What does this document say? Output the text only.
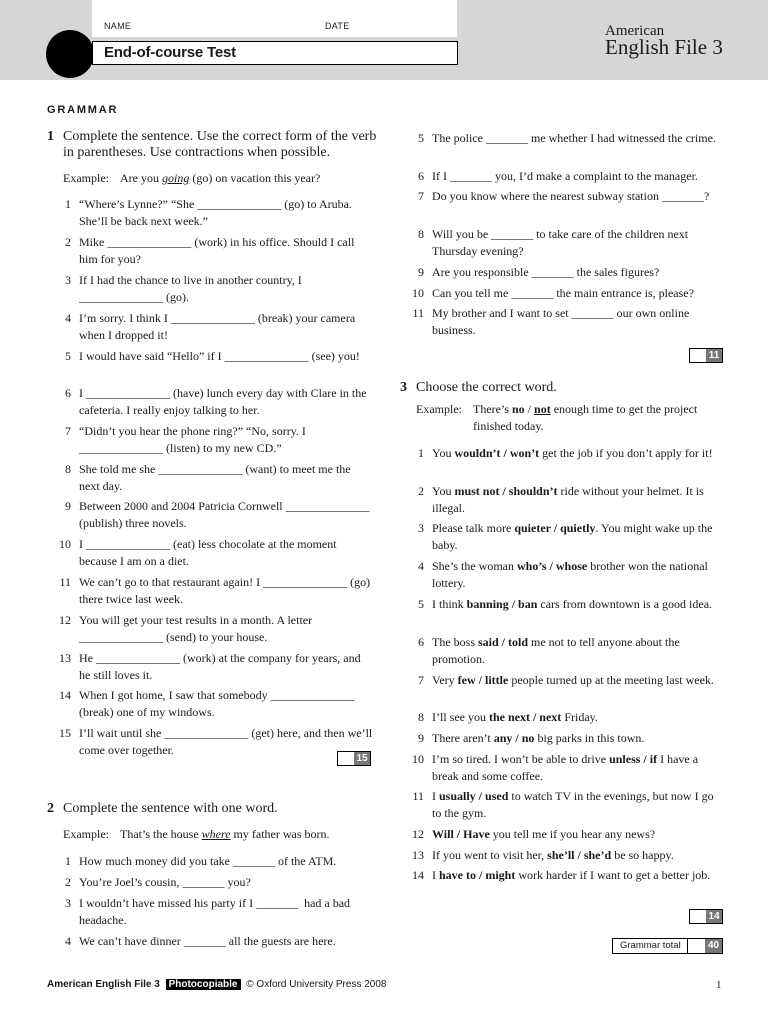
NAME	DATE
End-of-course Test
American
English File 3
GRAMMAR
1 Complete the sentence. Use the correct form of the verb in parentheses. Use contractions when possible.
Example: Are you going (go) on vacation this year?
1 “Where’s Lynne?” “She ______________ (go) to Aruba. She’ll be back next week.”
2 Mike ______________ (work) in his office. Should I call him for you?
3 If I had the chance to live in another country, I ______________ (go).
4 I’m sorry. I think I ______________ (break) your camera when I dropped it!
5 I would have said “Hello” if I ______________ (see) you!
6 I ______________ (have) lunch every day with Clare in the cafeteria. I really enjoy talking to her.
7 “Didn’t you hear the phone ring?” “No, sorry. I ______________ (listen) to my new CD.”
8 She told me she ______________ (want) to meet me the next day.
9 Between 2000 and 2004 Patricia Cornwell ______________ (publish) three novels.
10 I ______________ (eat) less chocolate at the moment because I am on a diet.
11 We can’t go to that restaurant again! I ______________ (go) there twice last week.
12 You will get your test results in a month. A letter ______________ (send) to your house.
13 He ______________ (work) at the company for years, and he still loves it.
14 When I got home, I saw that somebody ______________ (break) one of my windows.
15 I’ll wait until she ______________ (get) here, and then we’ll come over together.
15
2 Complete the sentence with one word.
Example: That’s the house where my father was born.
1 How much money did you take _______ of the ATM.
2 You’re Joel’s cousin, _______ you?
3 I wouldn’t have missed his party if I _______  had a bad headache.
4 We can’t have dinner _______ all the guests are here.
5 The police _______ me whether I had witnessed the crime.
6 If I _______ you, I’d make a complaint to the manager.
7 Do you know where the nearest subway station _______?
8 Will you be _______ to take care of the children next Thursday evening?
9 Are you responsible _______ the sales figures?
10 Can you tell me _______ the main entrance is, please?
11 My brother and I want to set _______ our own online business.
11
3 Choose the correct word.
Example: There’s no / not enough time to get the project finished today.
1 You wouldn’t / won’t get the job if you don’t apply for it!
2 You must not / shouldn’t ride without your helmet. It is illegal.
3 Please talk more quieter / quietly. You might wake up the baby.
4 She’s the woman who’s / whose brother won the national lottery.
5 I think banning / ban cars from downtown is a good idea.
6 The boss said / told me not to tell anyone about the promotion.
7 Very few / little people turned up at the meeting last week.
8 I’ll see you the next / next Friday.
9 There aren’t any / no big parks in this town.
10 I’m so tired. I won’t be able to drive unless / if I have a break and some coffee.
11 I usually / used to watch TV in the evenings, but now I go to the gym.
12 Will / Have you tell me if you hear any news?
13 If you went to visit her, she’ll / she’d be so happy.
14 I have to / might work harder if I want to get a better job.
14
Grammar total	40
American English File 3 Photocopiable © Oxford University Press 2008	1
